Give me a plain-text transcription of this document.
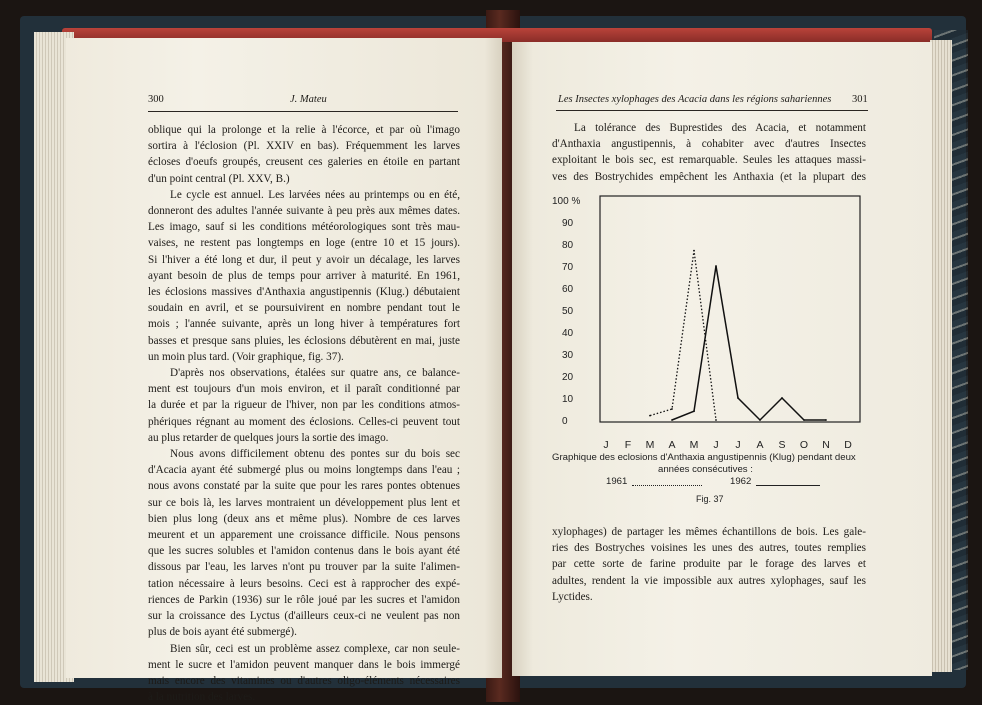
300	J. Mateu
oblique qui la prolonge et la relie à l'écorce, et par où l'imago
sortira à l'éclosion (Pl. XXIV en bas). Fréquemment les larves
écloses d'oeufs groupés, creusent ces galeries en étoile en partant
d'un point central (Pl. XXV, B.)
Le cycle est annuel. Les larvées nées au printemps ou en été,
donneront des adultes l'année suivante à peu près aux mêmes dates.
Les imago, sauf si les conditions météorologiques sont très mau-
vaises, ne restent pas longtemps en loge (entre 10 et 15 jours).
Si l'hiver a été long et dur, il peut y avoir un décalage, les larves
ayant besoin de plus de temps pour arriver à maturité. En 1961,
les éclosions massives d'Anthaxia angustipennis (Klug.) débutaient
soudain en avril, et se poursuivirent en nombre pendant tout le
mois ; l'année suivante, après un long hiver à températures fort
basses et presque sans pluies, les éclosions débutèrent en mai, juste
un moin plus tard. (Voir graphique, fig. 37).
D'après nos observations, étalées sur quatre ans, ce balance-
ment est toujours d'un mois environ, et il paraît conditionné par
la durée et par la rigueur de l'hiver, non par les conditions atmos-
phériques régnant au moment des éclosions. Celles-ci peuvent tout
au plus retarder de quelques jours la sortie des imago.
Nous avons difficilement obtenu des pontes sur du bois sec
d'Acacia ayant été submergé plus ou moins longtemps dans l'eau ;
nous avons constaté par la suite que pour les rares pontes obtenues
sur ce bois là, les larves montraient un développement plus lent et
bien plus long (deux ans et même plus). Nombre de ces larves
meurent et un apparement une croissance difficile. Nous pensons
que les sucres solubles et l'amidon contenus dans le bois ayant été
dissous par l'eau, les larves n'ont pu trouver par la suite l'alimen-
tation nécessaire à leurs besoins. Ceci est à rapprocher des expé-
riences de Parkin (1936) sur le rôle joué par les sucres et l'amidon
sur la croissance des Lyctus (d'ailleurs ceux-ci ne veulent pas non
plus de bois ayant été submergé).
Bien sûr, ceci est un problème assez complexe, car non seule-
ment le sucre et l'amidon peuvent manquer dans le bois immergé
mais encore des vitamines ou d'autres oligo-éléments nécessaires
à la nutrition des larves.
Les Insectes xylophages des Acacia dans les régions sahariennes	301
La tolérance des Buprestides des Acacia, et notamment
d'Anthaxia angustipennis, à cohabiter avec d'autres Insectes
exploitant le bois sec, est remarquable. Seules les attaques massi-
ves des Bostrychides empêchent les Anthaxia (et la plupart des
100 %
90
80
70
60
50
40
30
20
10
0
J F M A M J J A S O N D
Graphique des eclosions d'Anthaxia angustipennis (Klug) pendant deux
années consécutives :
1961	1962
Fig. 37
xylophages) de partager les mêmes échantillons de bois. Les gale-
ries des Bostryches voisines les unes des autres, toutes remplies
par cette sorte de farine produite par le forage des larves et
adultes, rendent la vie impossible aux autres xylophages, sauf les
Lyctides.
